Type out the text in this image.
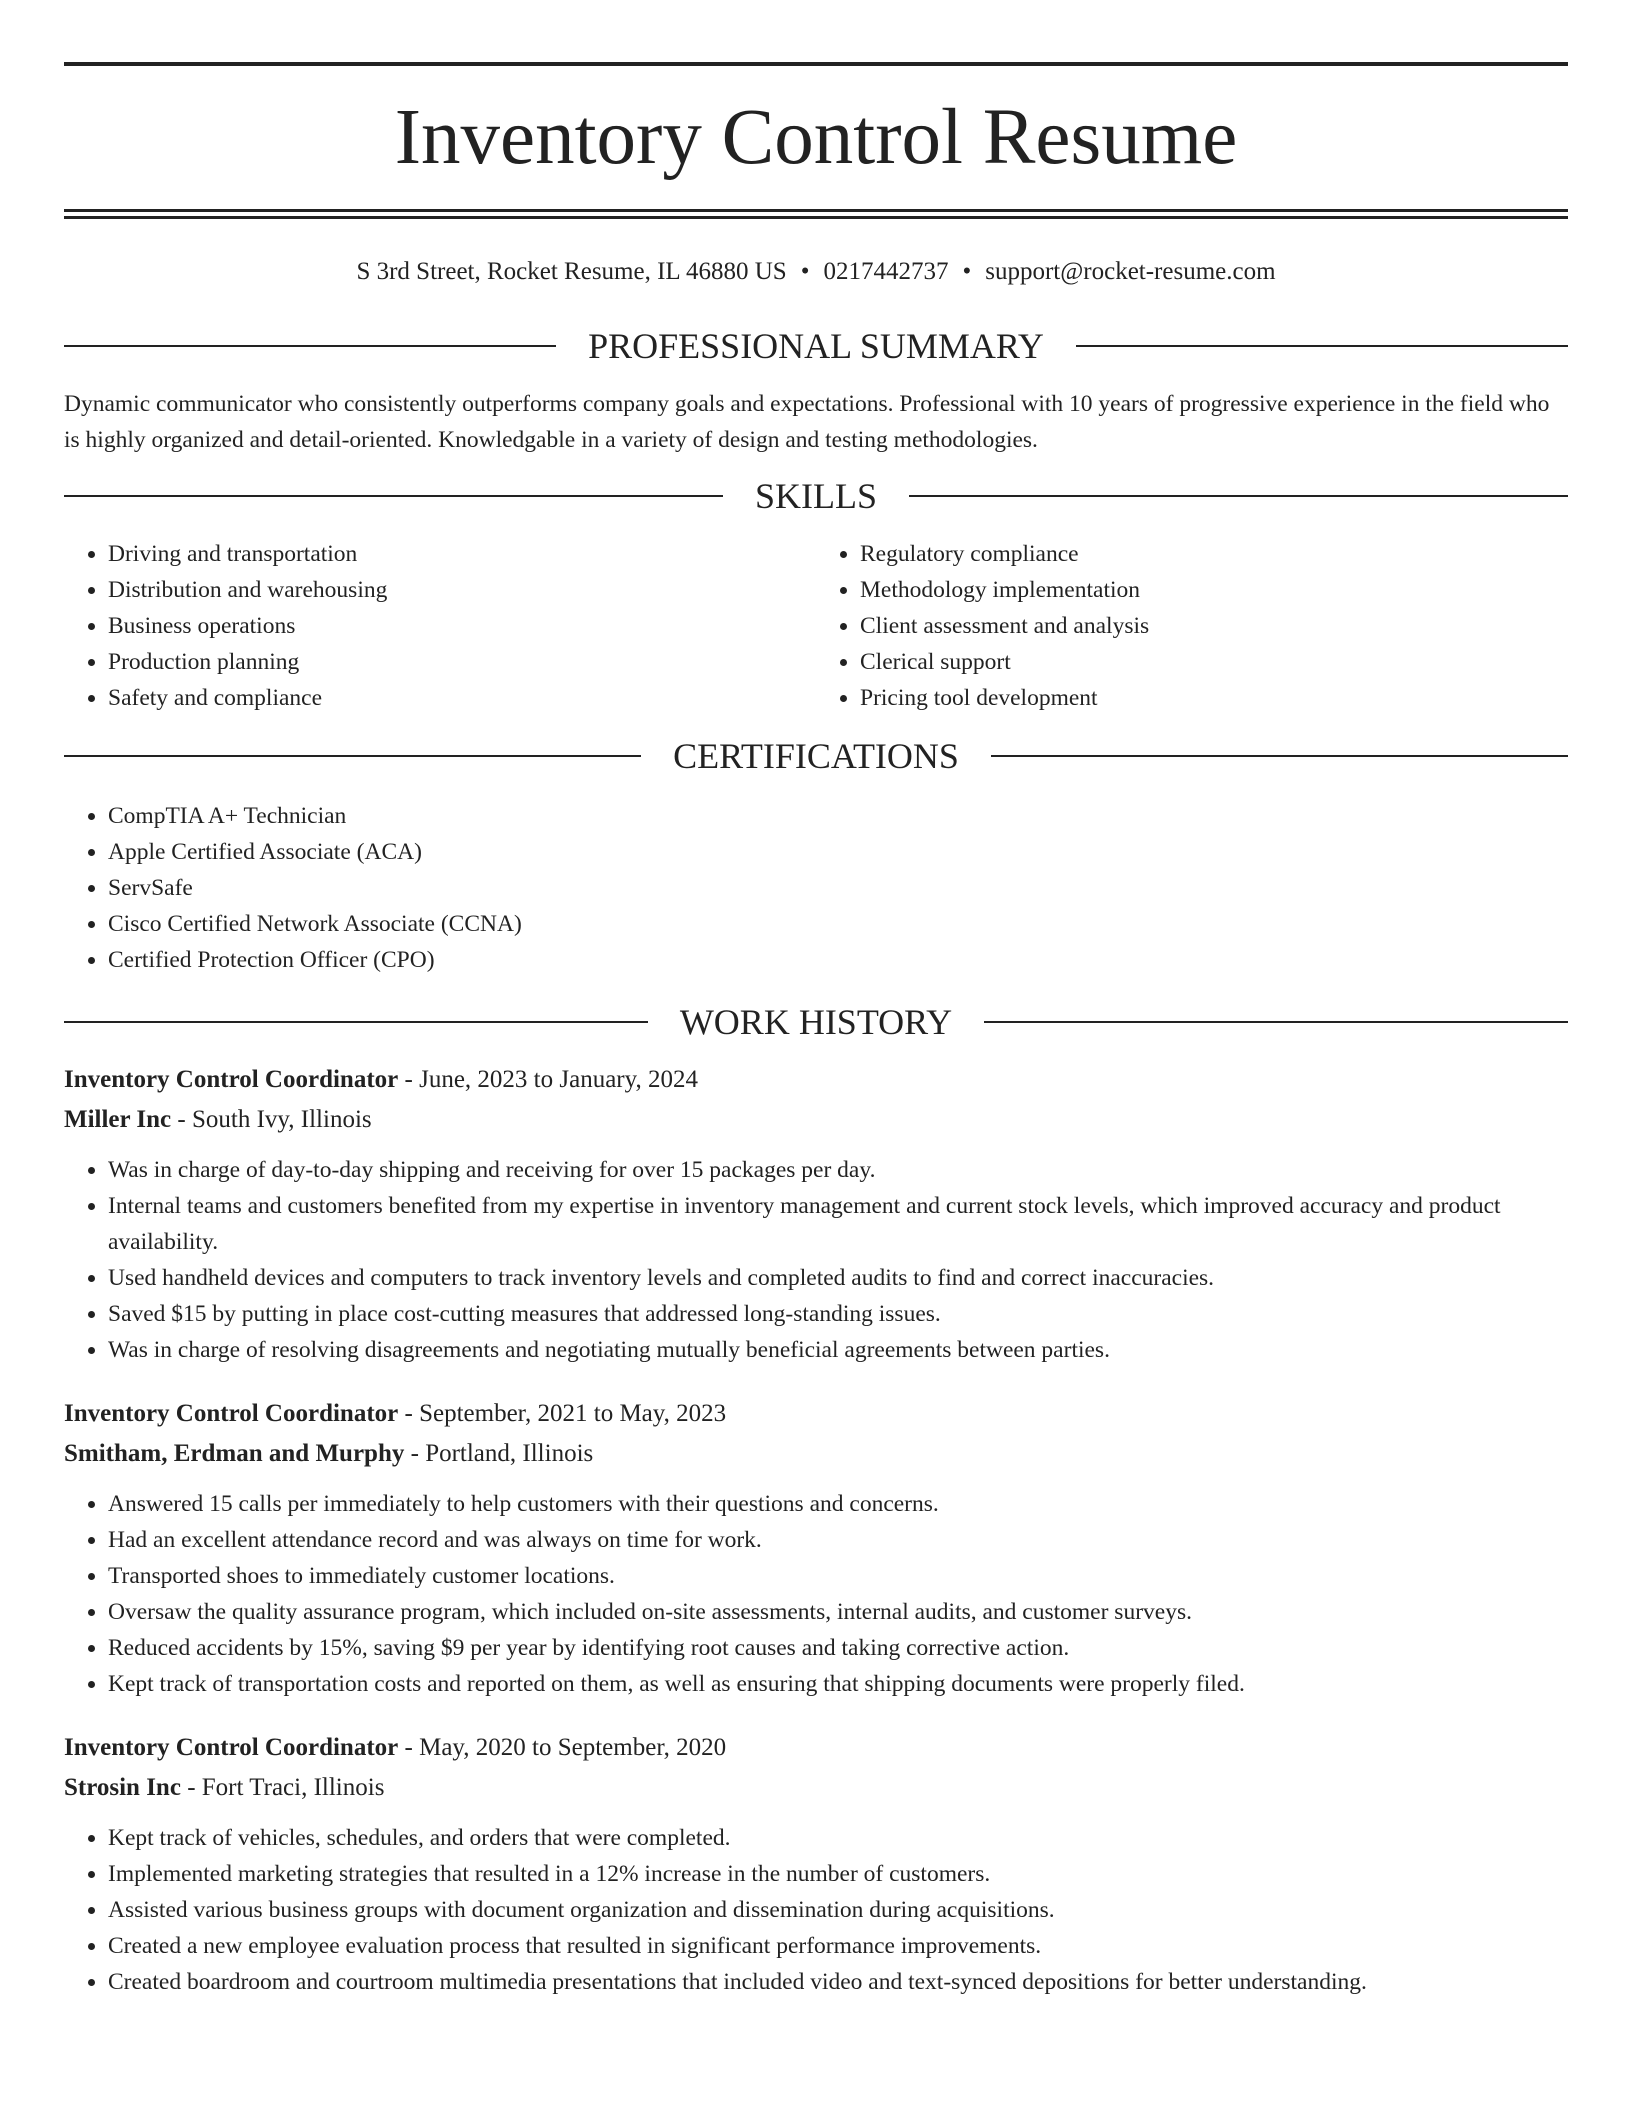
Inventory Control Resume
S 3rd Street, Rocket Resume, IL 46880 US • 0217442737 • support@rocket-resume.com
PROFESSIONAL SUMMARY

Dynamic communicator who consistently outperforms company goals and expectations. Professional with 10 years of progressive experience in the field who is highly organized and detail-oriented. Knowledgable in a variety of design and testing methodologies.

SKILLS
• Driving and transportation
• Distribution and warehousing
• Business operations
• Production planning
• Safety and compliance
• Regulatory compliance
• Methodology implementation
• Client assessment and analysis
• Clerical support
• Pricing tool development
CERTIFICATIONS
• CompTIA A+ Technician
• Apple Certified Associate (ACA)
• ServSafe
• Cisco Certified Network Associate (CCNA)
• Certified Protection Officer (CPO)
WORK HISTORY

Inventory Control Coordinator - June, 2023 to January, 2024

Miller Inc - South Ivy, Illinois

• Was in charge of day-to-day shipping and receiving for over 15 packages per day.
• Internal teams and customers benefited from my expertise in inventory management and current stock levels, which improved accuracy and product availability.
• Used handheld devices and computers to track inventory levels and completed audits to find and correct inaccuracies.
• Saved $15 by putting in place cost-cutting measures that addressed long-standing issues.
• Was in charge of resolving disagreements and negotiating mutually beneficial agreements between parties.

Inventory Control Coordinator - September, 2021 to May, 2023

Smitham, Erdman and Murphy - Portland, Illinois

• Answered 15 calls per immediately to help customers with their questions and concerns.
• Had an excellent attendance record and was always on time for work.
• Transported shoes to immediately customer locations.
• Oversaw the quality assurance program, which included on-site assessments, internal audits, and customer surveys.
• Reduced accidents by 15%, saving $9 per year by identifying root causes and taking corrective action.
• Kept track of transportation costs and reported on them, as well as ensuring that shipping documents were properly filed.

Inventory Control Coordinator - May, 2020 to September, 2020

Strosin Inc - Fort Traci, Illinois

• Kept track of vehicles, schedules, and orders that were completed.
• Implemented marketing strategies that resulted in a 12% increase in the number of customers.
• Assisted various business groups with document organization and dissemination during acquisitions.
• Created a new employee evaluation process that resulted in significant performance improvements.
• Created boardroom and courtroom multimedia presentations that included video and text-synced depositions for better understanding.
